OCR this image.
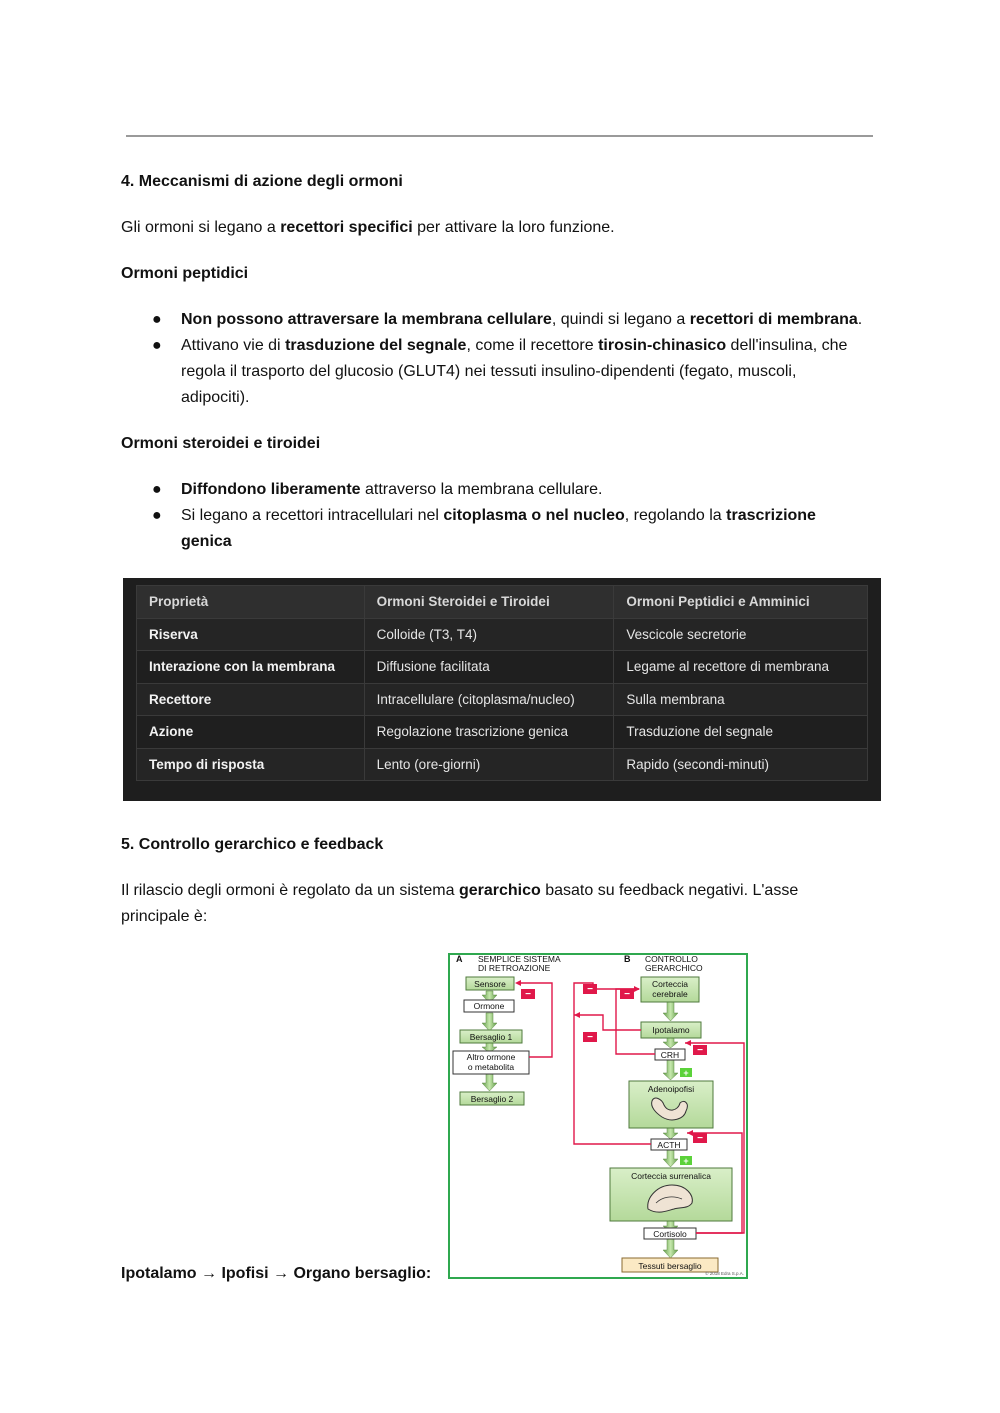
4. Meccanismi di azione degli ormoni
Gli ormoni si legano a recettori specifici per attivare la loro funzione.
Ormoni peptidici
● Non possono attraversare la membrana cellulare, quindi si legano a recettori di membrana.
● Attivano vie di trasduzione del segnale, come il recettore tirosin-chinasico dell'insulina, che
regola il trasporto del glucosio (GLUT4) nei tessuti insulino-dipendenti (fegato, muscoli,
adipociti).
Ormoni steroidei e tiroidei
● Diffondono liberamente attraverso la membrana cellulare.
● Si legano a recettori intracellulari nel citoplasma o nel nucleo, regolando la trascrizione
genica
Proprietà	Ormoni Steroidei e Tiroidei	Ormoni Peptidici e Amminici
Riserva	Colloide (T3, T4)	Vescicole secretorie
Interazione con la membrana	Diffusione facilitata	Legame al recettore di membrana
Recettore	Intracellulare (citoplasma/nucleo)	Sulla membrana
Azione	Regolazione trascrizione genica	Trasduzione del segnale
Tempo di risposta	Lento (ore-giorni)	Rapido (secondi-minuti)
5. Controllo gerarchico e feedback
Il rilascio degli ormoni è regolato da un sistema gerarchico basato su feedback negativi. L'asse
principale è:
Ipotalamo → Ipofisi → Organo bersaglio:
A SEMPLICE SISTEMA
DI RETROAZIONE
Sensore
Ormone
Bersaglio 1
Altro ormone
o metabolita
Bersaglio 2
−
B CONTROLLO
GERARCHICO
Corteccia
cerebrale
Ipotalamo
CRH
+
Adenoipofisi
ACTH
+
Corteccia surrenalica
Cortisolo
Tessuti bersaglio
© 2018 Edra S.p.A.
−	−
−
−
−
